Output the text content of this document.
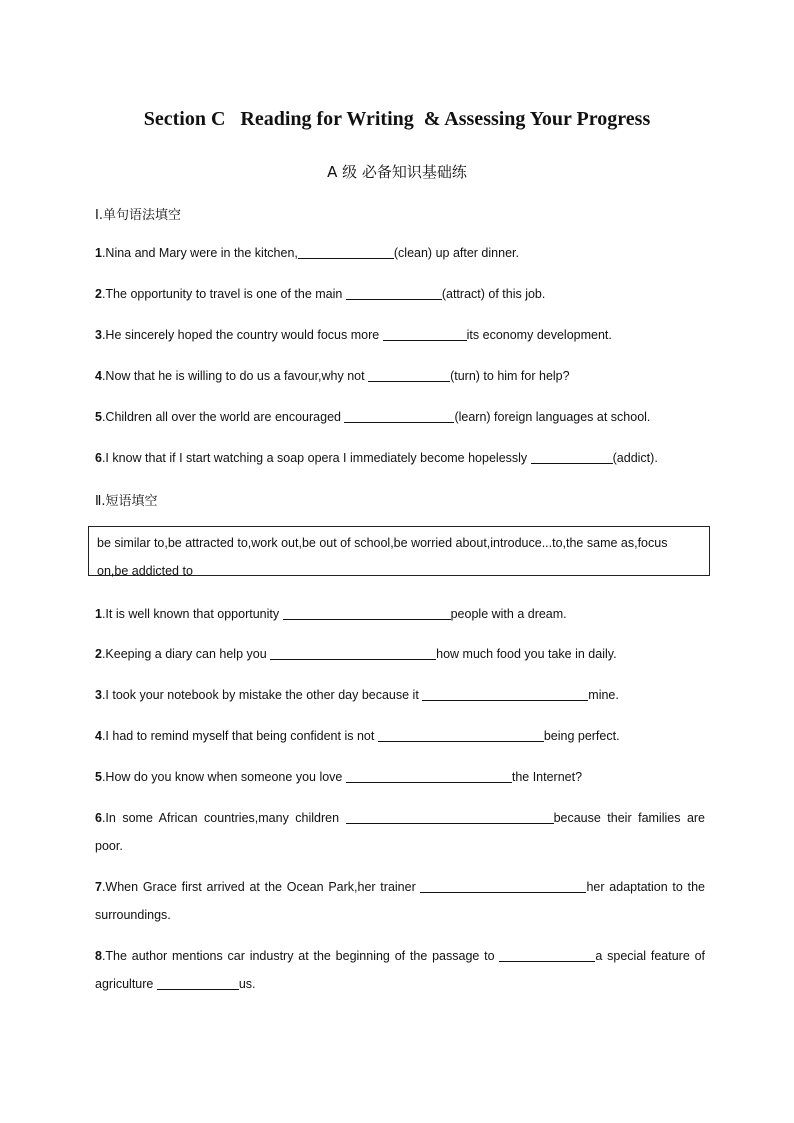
Section C   Reading for Writing  & Assessing Your Progress
A 级 必备知识基础练
Ⅰ.单句语法填空
1.Nina and Mary were in the kitchen,	(clean) up after dinner.
2.The opportunity to travel is one of the main	(attract) of this job.
3.He sincerely hoped the country would focus more	its economy development.
4.Now that he is willing to do us a favour,why not	(turn) to him for help?
5.Children all over the world are encouraged	(learn) foreign languages at school.
6.I know that if I start watching a soap opera I immediately become hopelessly	(addict).
Ⅱ.短语填空
be similar to,be attracted to,work out,be out of school,be worried about,introduce...to,the same as,focus on,be addicted to
1.It is well known that opportunity	people with a dream.
2.Keeping a diary can help you	how much food you take in daily.
3.I took your notebook by mistake the other day because it	mine.
4.I had to remind myself that being confident is not	being perfect.
5.How do you know when someone you love	the Internet?
6.In some African countries,many children	because their families are poor.
7.When Grace first arrived at the Ocean Park,her trainer	her adaptation to the surroundings.
8.The author mentions car industry at the beginning of the passage to	a special feature of agriculture	us.
